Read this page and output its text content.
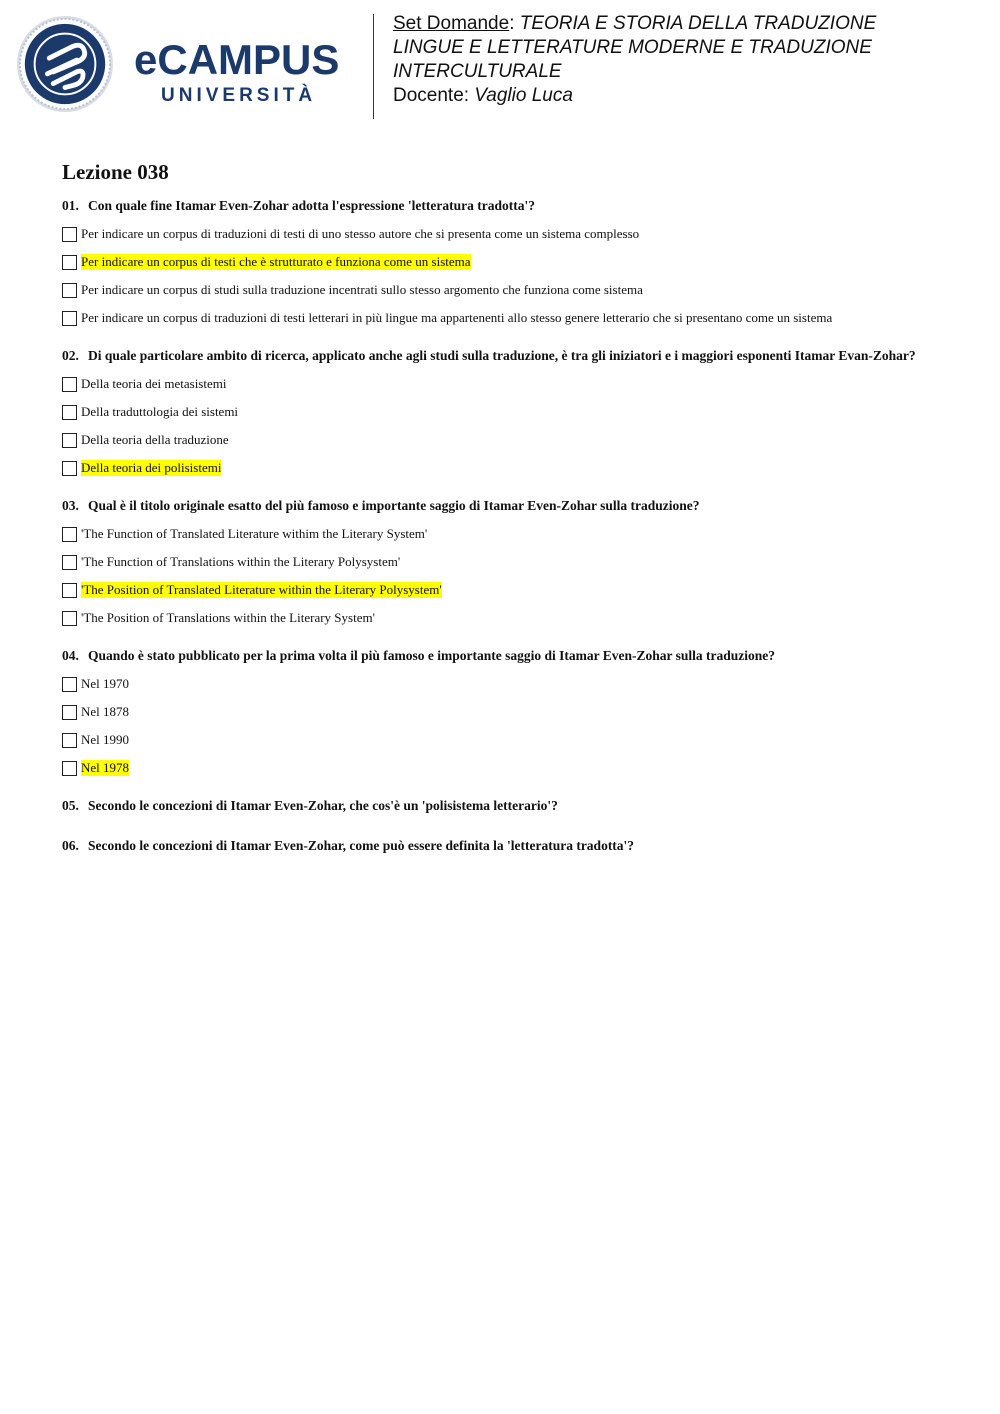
eCAMPUS
UNIVERSITÀ
Set Domande: TEORIA E STORIA DELLA TRADUZIONE
LINGUE E LETTERATURE MODERNE E TRADUZIONE
INTERCULTURALE
Docente: Vaglio Luca
Lezione 038
01. Con quale fine Itamar Even-Zohar adotta l'espressione 'letteratura tradotta'?
Per indicare un corpus di traduzioni di testi di uno stesso autore che si presenta come un sistema complesso
Per indicare un corpus di testi che è strutturato e funziona come un sistema
Per indicare un corpus di studi sulla traduzione incentrati sullo stesso argomento che funziona come sistema
Per indicare un corpus di traduzioni di testi letterari in più lingue ma appartenenti allo stesso genere letterario che si presentano come un sistema
02. Di quale particolare ambito di ricerca, applicato anche agli studi sulla traduzione, è tra gli iniziatori e i maggiori esponenti Itamar Evan-Zohar?
Della teoria dei metasistemi
Della traduttologia dei sistemi
Della teoria della traduzione
Della teoria dei polisistemi
03. Qual è il titolo originale esatto del più famoso e importante saggio di Itamar Even-Zohar sulla traduzione?
'The Function of Translated Literature withim the Literary System'
'The Function of Translations within the Literary Polysystem'
'The Position of Translated Literature within the Literary Polysystem'
'The Position of Translations within the Literary System'
04. Quando è stato pubblicato per la prima volta il più famoso e importante saggio di Itamar Even-Zohar sulla traduzione?
Nel 1970
Nel 1878
Nel 1990
Nel 1978
05. Secondo le concezioni di Itamar Even-Zohar, che cos'è un 'polisistema letterario'?
06. Secondo le concezioni di Itamar Even-Zohar, come può essere definita la 'letteratura tradotta'?
